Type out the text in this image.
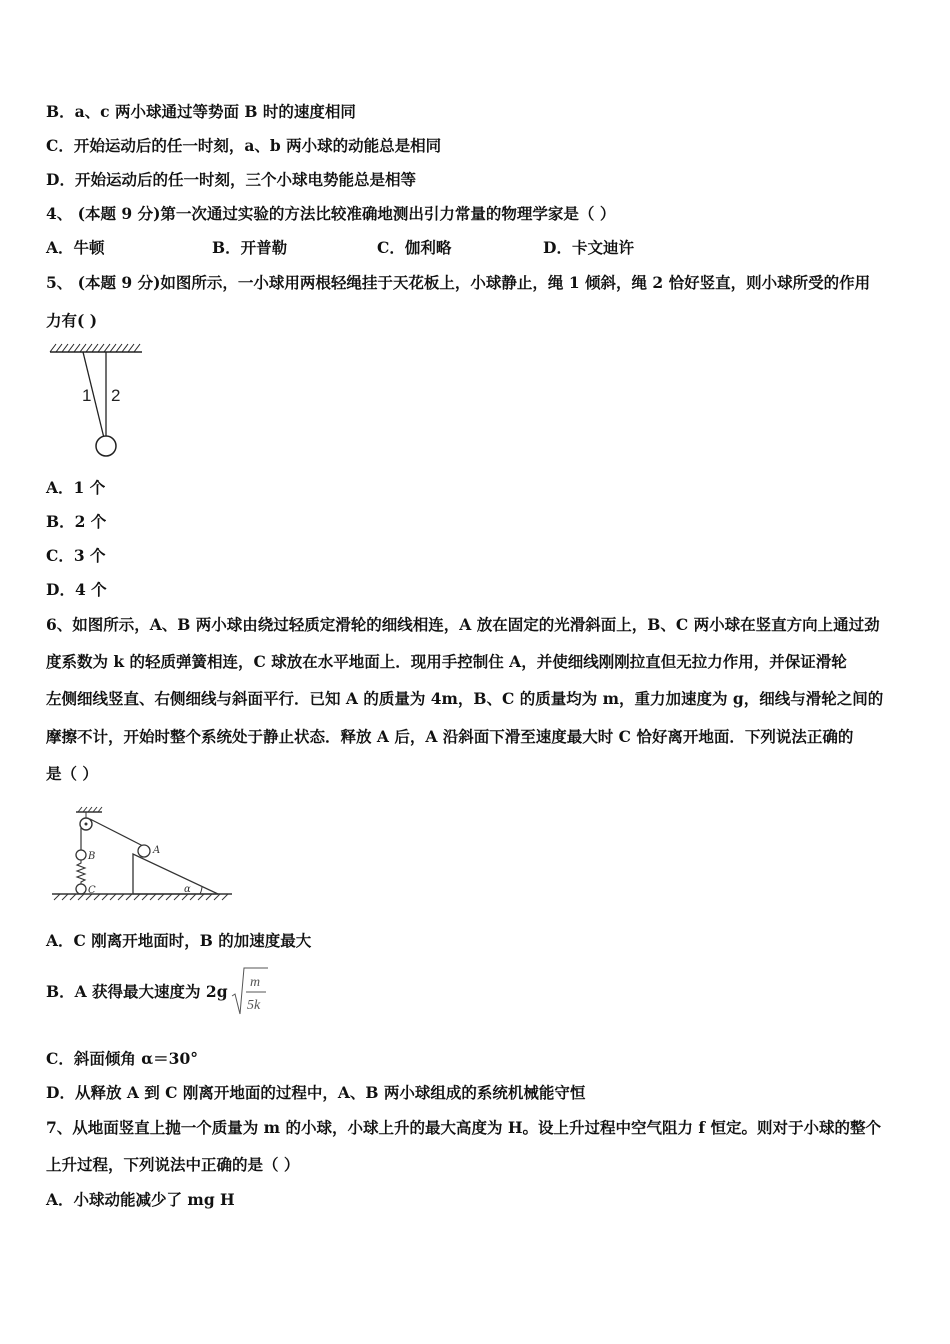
B．a、c 两小球通过等势面 B 时的速度相同
C．开始运动后的任一时刻，a、b 两小球的动能总是相同
D．开始运动后的任一时刻，三个小球电势能总是相等
4、 (本题 9 分)第一次通过实验的方法比较准确地测出引力常量的物理学家是（ ）
A．牛顿	B．开普勒	C．伽利略	D．卡文迪许
5、 (本题 9 分)如图所示，一小球用两根轻绳挂于天花板上，小球静止，绳 1 倾斜，绳 2 恰好竖直，则小球所受的作用
力有( )
1 2
A．1 个
B．2 个
C．3 个
D．4 个
6、如图所示，A、B 两小球由绕过轻质定滑轮的细线相连，A 放在固定的光滑斜面上，B、C 两小球在竖直方向上通过劲
度系数为 k 的轻质弹簧相连，C 球放在水平地面上．现用手控制住 A，并使细线刚刚拉直但无拉力作用，并保证滑轮
左侧细线竖直、右侧细线与斜面平行．已知 A 的质量为 4m，B、C 的质量均为 m，重力加速度为 g，细线与滑轮之间的
摩擦不计，开始时整个系统处于静止状态．释放 A 后，A 沿斜面下滑至速度最大时 C 恰好离开地面．下列说法正确的
是（ ）
B
C
A
α
A．C 刚离开地面时，B 的加速度最大
B．A 获得最大速度为 2g m
5k
C．斜面倾角 α＝30°
D．从释放 A 到 C 刚离开地面的过程中，A、B 两小球组成的系统机械能守恒
7、从地面竖直上抛一个质量为 m 的小球，小球上升的最大高度为 H。设上升过程中空气阻力 f 恒定。则对于小球的整个
上升过程，下列说法中正确的是（ ）
A．小球动能减少了 mg H
